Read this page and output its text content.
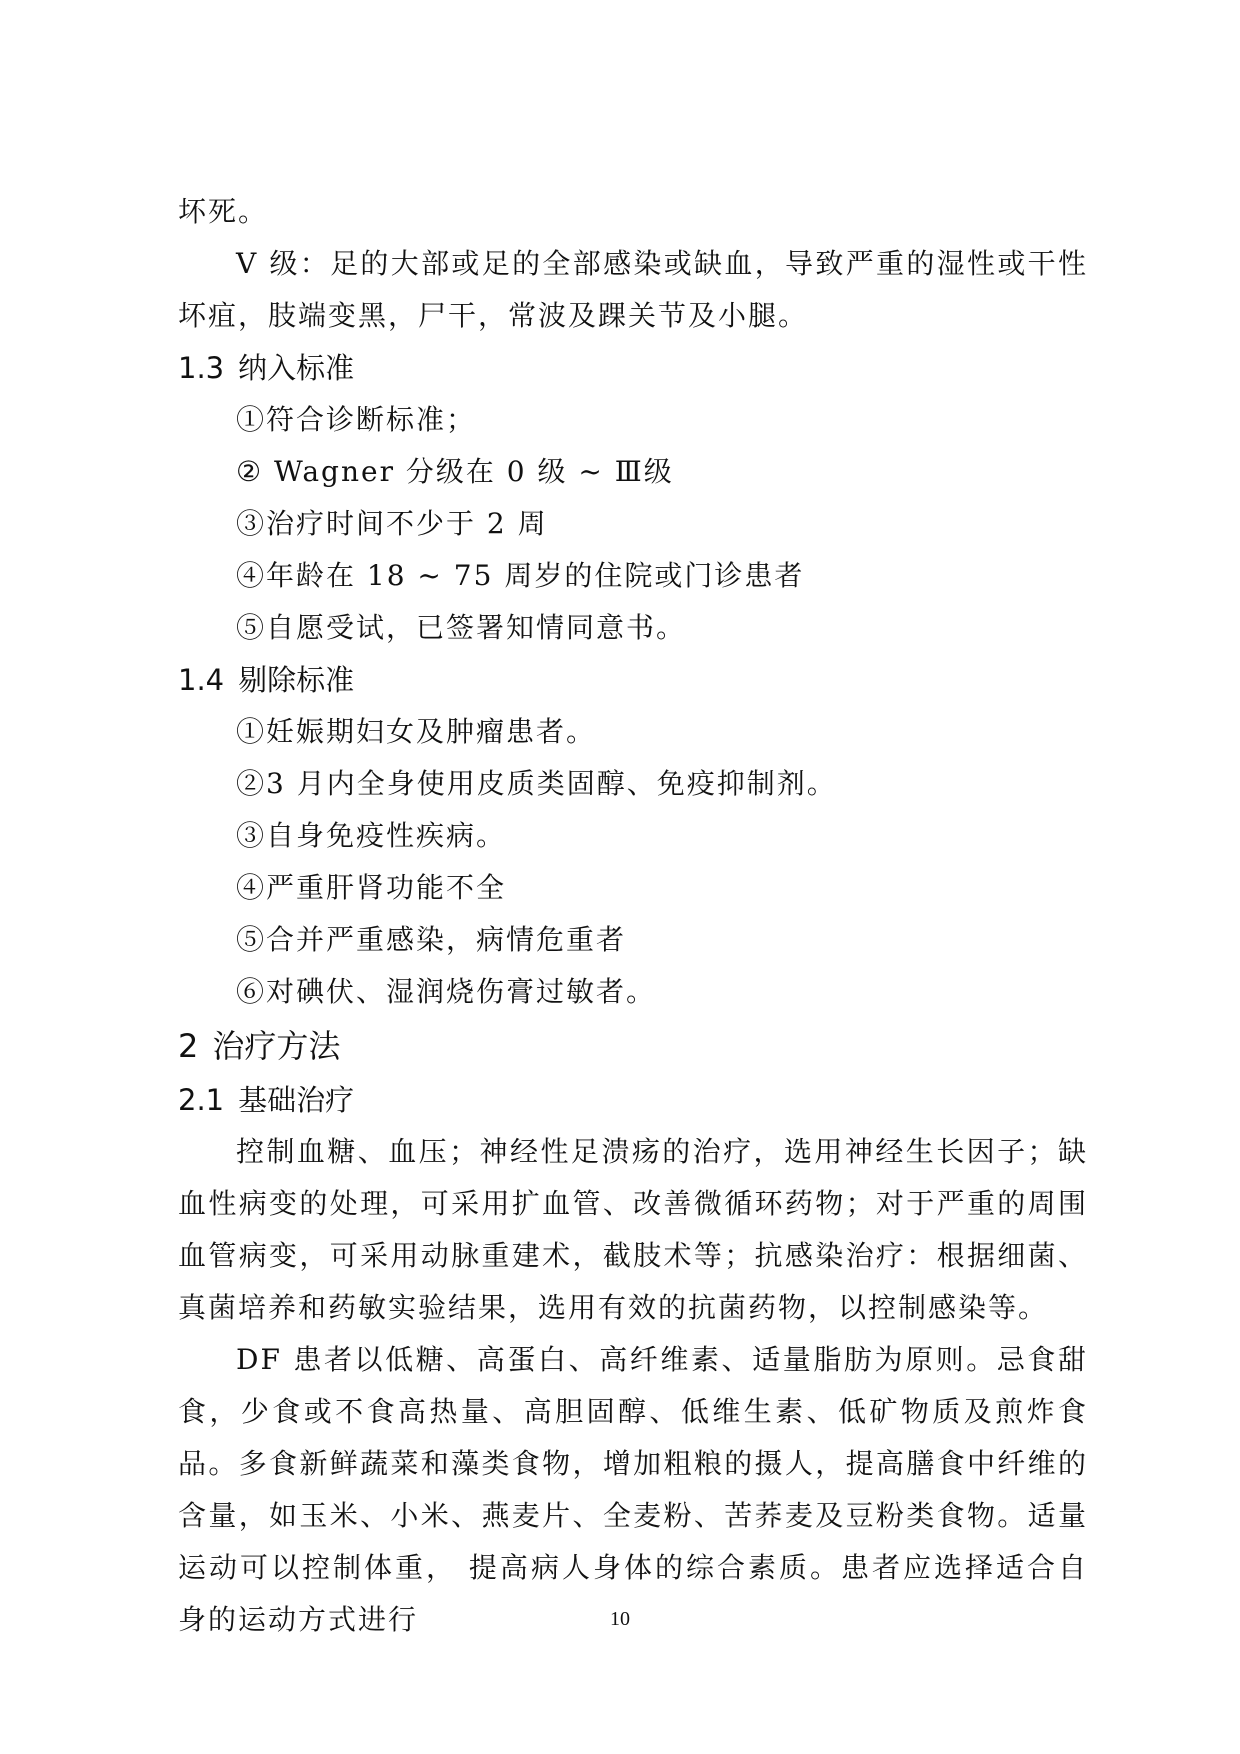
坏死。

V 级：足的大部或足的全部感染或缺血，导致严重的湿性或干性坏疽，肢端变黑，尸干，常波及踝关节及小腿。

1.3 纳入标准

①符合诊断标准；

② Wagner 分级在 0 级 ~ Ⅲ级

③治疗时间不少于 2 周

④年龄在 18 ~ 75 周岁的住院或门诊患者

⑤自愿受试，已签署知情同意书。

1.4 剔除标准

①妊娠期妇女及肿瘤患者。

②3 月内全身使用皮质类固醇、免疫抑制剂。

③自身免疫性疾病。

④严重肝肾功能不全

⑤合并严重感染，病情危重者

⑥对碘伏、湿润烧伤膏过敏者。

2 治疗方法

2.1 基础治疗

控制血糖、血压；神经性足溃疡的治疗，选用神经生长因子；缺血性病变的处理，可采用扩血管、改善微循环药物；对于严重的周围血管病变，可采用动脉重建术，截肢术等；抗感染治疗：根据细菌、真菌培养和药敏实验结果，选用有效的抗菌药物，以控制感染等。

DF 患者以低糖、高蛋白、高纤维素、适量脂肪为原则。忌食甜食，少食或不食高热量、高胆固醇、低维生素、低矿物质及煎炸食品。多食新鲜蔬菜和藻类食物，增加粗粮的摄人，提高膳食中纤维的含量，如玉米、小米、燕麦片、全麦粉、苦荞麦及豆粉类食物。适量运动可以控制体重， 提高病人身体的综合素质。患者应选择适合自身的运动方式进行	10
